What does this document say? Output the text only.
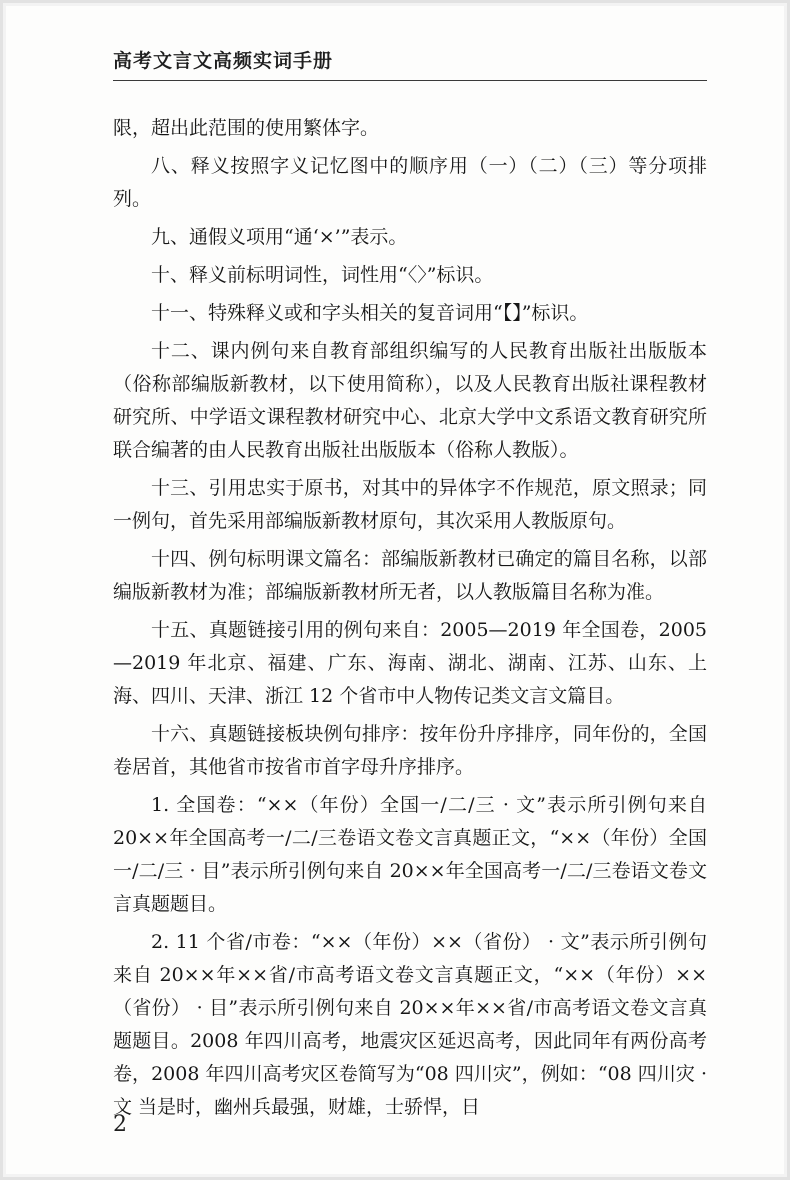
高考文言文高频实词手册

限，超出此范围的使用繁体字。

八、释义按照字义记忆图中的顺序用（一）（二）（三）等分项排列。

九、通假义项用“通‘×’”表示。

十、释义前标明词性，词性用“〈〉”标识。

十一、特殊释义或和字头相关的复音词用“【】”标识。

十二、课内例句来自教育部组织编写的人民教育出版社出版版本（俗称部编版新教材，以下使用简称），以及人民教育出版社课程教材研究所、中学语文课程教材研究中心、北京大学中文系语文教育研究所联合编著的由人民教育出版社出版版本（俗称人教版）。

十三、引用忠实于原书，对其中的异体字不作规范，原文照录；同一例句，首先采用部编版新教材原句，其次采用人教版原句。

十四、例句标明课文篇名：部编版新教材已确定的篇目名称，以部编版新教材为准；部编版新教材所无者，以人教版篇目名称为准。

十五、真题链接引用的例句来自：2005—2019 年全国卷，2005—2019 年北京、福建、广东、海南、湖北、湖南、江苏、山东、上海、四川、天津、浙江 12 个省市中人物传记类文言文篇目。

十六、真题链接板块例句排序：按年份升序排序，同年份的，全国卷居首，其他省市按省市首字母升序排序。

1. 全国卷：“××（年份）全国一/二/三 · 文”表示所引例句来自 20××年全国高考一/二/三卷语文卷文言真题正文，“××（年份）全国一/二/三 · 目”表示所引例句来自 20××年全国高考一/二/三卷语文卷文言真题题目。

2. 11 个省/市卷：“××（年份）××（省份） · 文”表示所引例句来自 20××年××省/市高考语文卷文言真题正文，“××（年份）××（省份） · 目”表示所引例句来自 20××年××省/市高考语文卷文言真题题目。2008 年四川高考，地震灾区延迟高考，因此同年有两份高考卷，2008 年四川高考灾区卷简写为“08 四川灾”，例如：“08 四川灾 · 文 当是时，幽州兵最强，财雄，士骄悍，日

2
